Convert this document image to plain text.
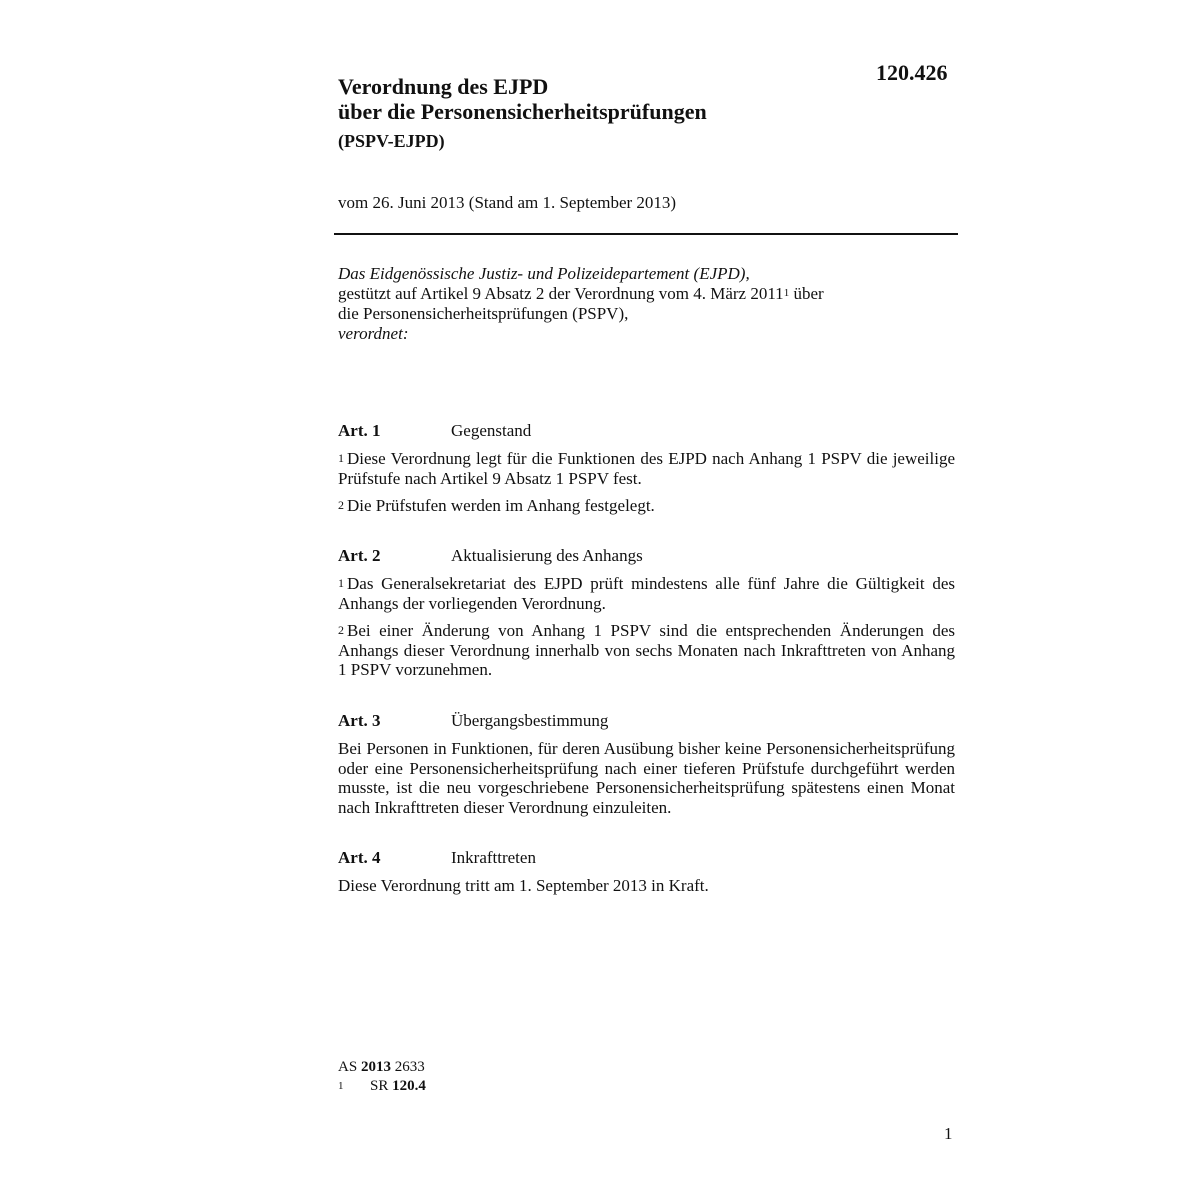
120.426
Verordnung des EJPD
über die Personensicherheitsprüfungen
(PSPV-EJPD)
vom 26. Juni 2013 (Stand am 1. September 2013)
Das Eidgenössische Justiz- und Polizeidepartement (EJPD),
gestützt auf Artikel 9 Absatz 2 der Verordnung vom 4. März 2011$^1$ über
die Personensicherheitsprüfungen (PSPV),
verordnet:
Art. 1	Gegenstand

$^1$ Diese Verordnung legt für die Funktionen des EJPD nach Anhang 1 PSPV die jeweilige Prüfstufe nach Artikel 9 Absatz 1 PSPV fest.

$^2$ Die Prüfstufen werden im Anhang festgelegt.

Art. 2	Aktualisierung des Anhangs

$^1$ Das Generalsekretariat des EJPD prüft mindestens alle fünf Jahre die Gültigkeit des Anhangs der vorliegenden Verordnung.

$^2$ Bei einer Änderung von Anhang 1 PSPV sind die entsprechenden Änderungen des Anhangs dieser Verordnung innerhalb von sechs Monaten nach Inkrafttreten von Anhang 1 PSPV vorzunehmen.

Art. 3	Übergangsbestimmung

Bei Personen in Funktionen, für deren Ausübung bisher keine Personensicherheitsprüfung oder eine Personensicherheitsprüfung nach einer tieferen Prüfstufe durchgeführt werden musste, ist die neu vorgeschriebene Personensicherheitsprüfung spätestens einen Monat nach Inkrafttreten dieser Verordnung einzuleiten.

Art. 4	Inkrafttreten

Diese Verordnung tritt am 1. September 2013 in Kraft.

AS 2013 2633
1 SR 120.4
1
